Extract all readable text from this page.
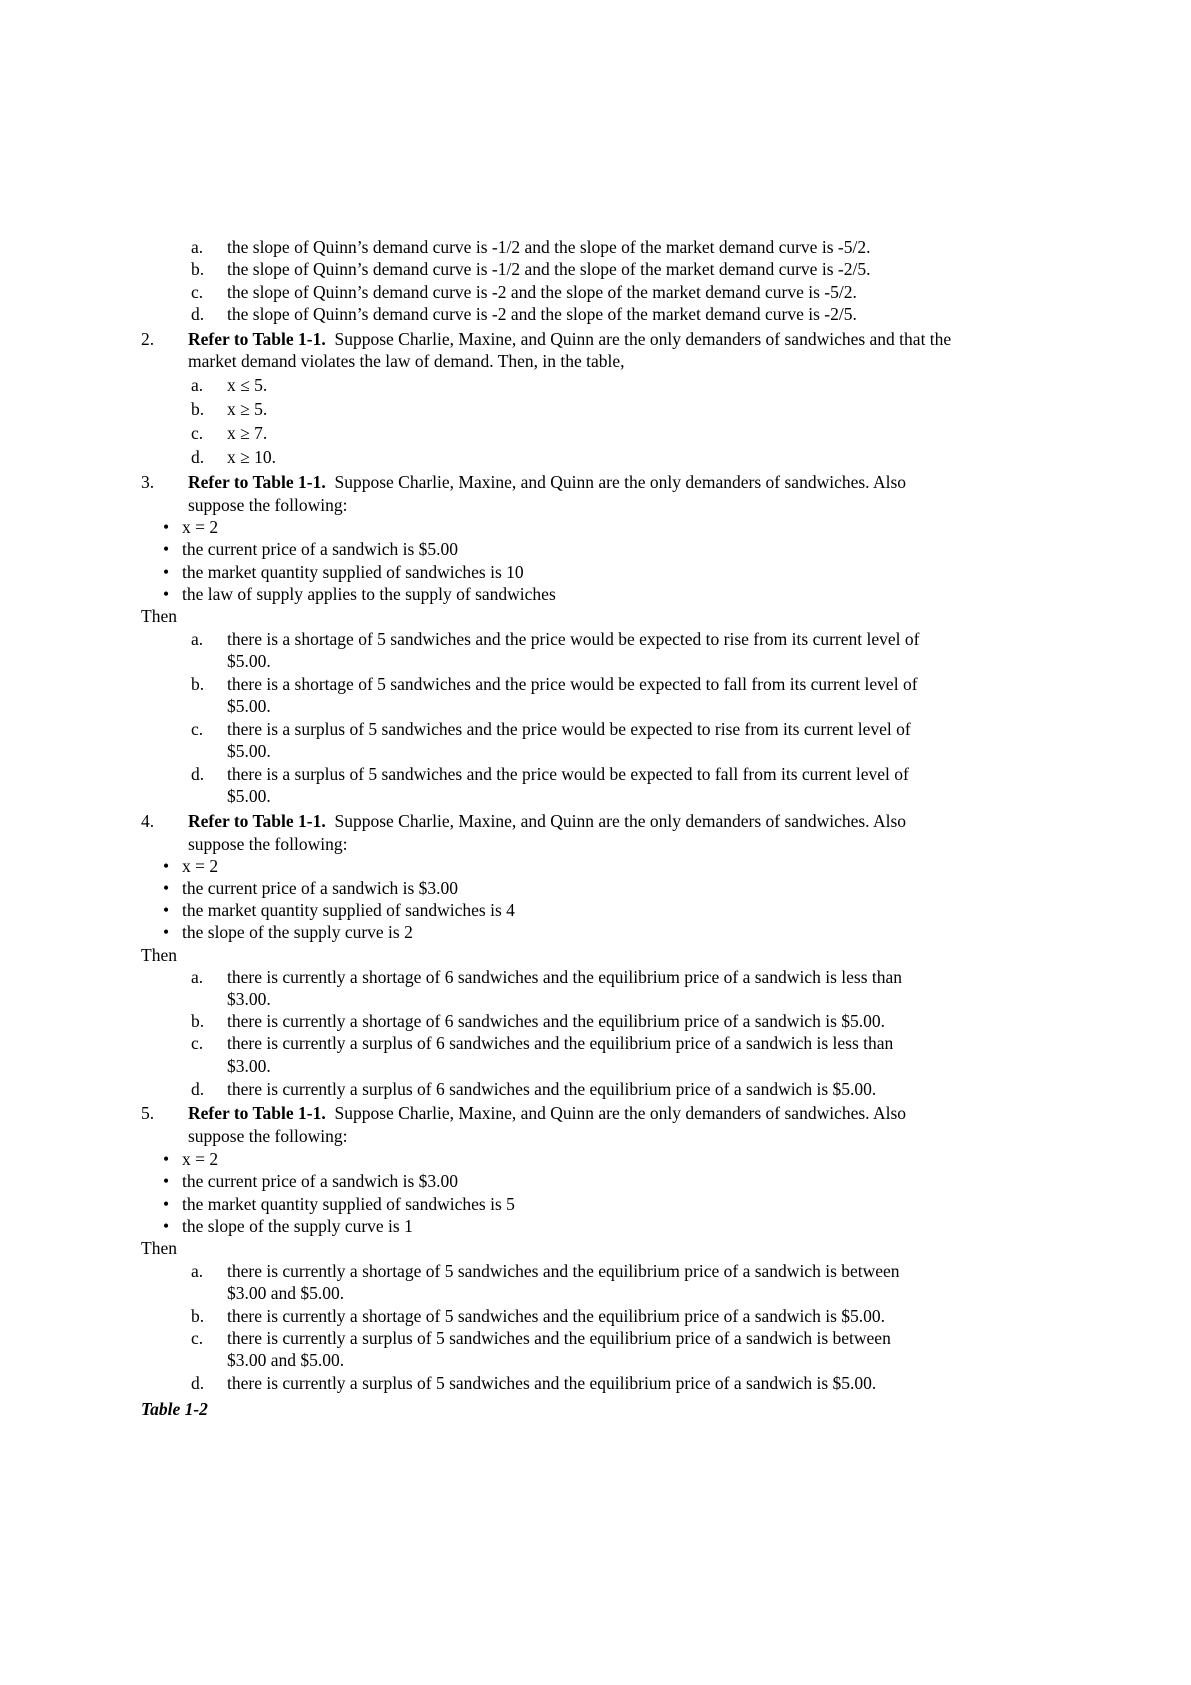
a. the slope of Quinn’s demand curve is -1/2 and the slope of the market demand curve is -5/2.
b. the slope of Quinn’s demand curve is -1/2 and the slope of the market demand curve is -2/5.
c. the slope of Quinn’s demand curve is -2 and the slope of the market demand curve is -5/2.
d. the slope of Quinn’s demand curve is -2 and the slope of the market demand curve is -2/5.
2. Refer to Table 1-1. Suppose Charlie, Maxine, and Quinn are the only demanders of sandwiches and that the
market demand violates the law of demand. Then, in the table,
a. x ≤ 5.
b. x ≥ 5.
c. x ≥ 7.
d. x ≥ 10.
3. Refer to Table 1-1. Suppose Charlie, Maxine, and Quinn are the only demanders of sandwiches. Also
suppose the following:
• x = 2
• the current price of a sandwich is $5.00
• the market quantity supplied of sandwiches is 10
• the law of supply applies to the supply of sandwiches
Then
a. there is a shortage of 5 sandwiches and the price would be expected to rise from its current level of
$5.00.
b. there is a shortage of 5 sandwiches and the price would be expected to fall from its current level of
$5.00.
c. there is a surplus of 5 sandwiches and the price would be expected to rise from its current level of
$5.00.
d. there is a surplus of 5 sandwiches and the price would be expected to fall from its current level of
$5.00.
4. Refer to Table 1-1. Suppose Charlie, Maxine, and Quinn are the only demanders of sandwiches. Also
suppose the following:
• x = 2
• the current price of a sandwich is $3.00
• the market quantity supplied of sandwiches is 4
• the slope of the supply curve is 2
Then
a. there is currently a shortage of 6 sandwiches and the equilibrium price of a sandwich is less than
$3.00.
b. there is currently a shortage of 6 sandwiches and the equilibrium price of a sandwich is $5.00.
c. there is currently a surplus of 6 sandwiches and the equilibrium price of a sandwich is less than
$3.00.
d. there is currently a surplus of 6 sandwiches and the equilibrium price of a sandwich is $5.00.
5. Refer to Table 1-1. Suppose Charlie, Maxine, and Quinn are the only demanders of sandwiches. Also
suppose the following:
• x = 2
• the current price of a sandwich is $3.00
• the market quantity supplied of sandwiches is 5
• the slope of the supply curve is 1
Then
a. there is currently a shortage of 5 sandwiches and the equilibrium price of a sandwich is between
$3.00 and $5.00.
b. there is currently a shortage of 5 sandwiches and the equilibrium price of a sandwich is $5.00.
c. there is currently a surplus of 5 sandwiches and the equilibrium price of a sandwich is between
$3.00 and $5.00.
d. there is currently a surplus of 5 sandwiches and the equilibrium price of a sandwich is $5.00.
Table 1-2
